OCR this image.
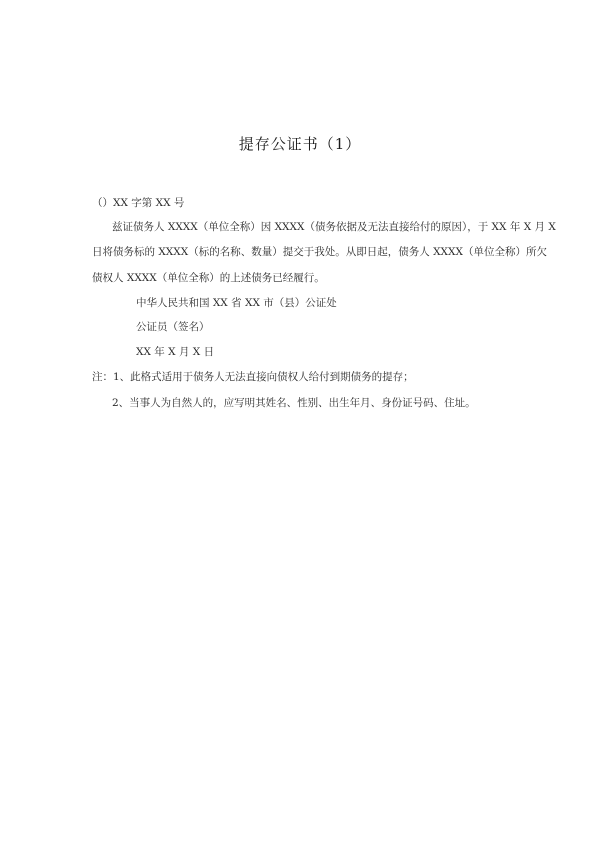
提存公证书（1）
（）XX 字第 XX 号
兹证债务人 XXXX（单位全称）因 XXXX（债务依据及无法直接给付的原因），于 XX 年 X 月 X
日将债务标的 XXXX（标的名称、数量）提交于我处。从即日起，债务人 XXXX（单位全称）所欠
债权人 XXXX（单位全称）的上述债务已经履行。
中华人民共和国 XX 省 XX 市（县）公证处
公证员（签名）
XX 年 X 月 X 日
注：1、此格式适用于债务人无法直接向债权人给付到期债务的提存；
2、当事人为自然人的，应写明其姓名、性别、出生年月、身份证号码、住址。
